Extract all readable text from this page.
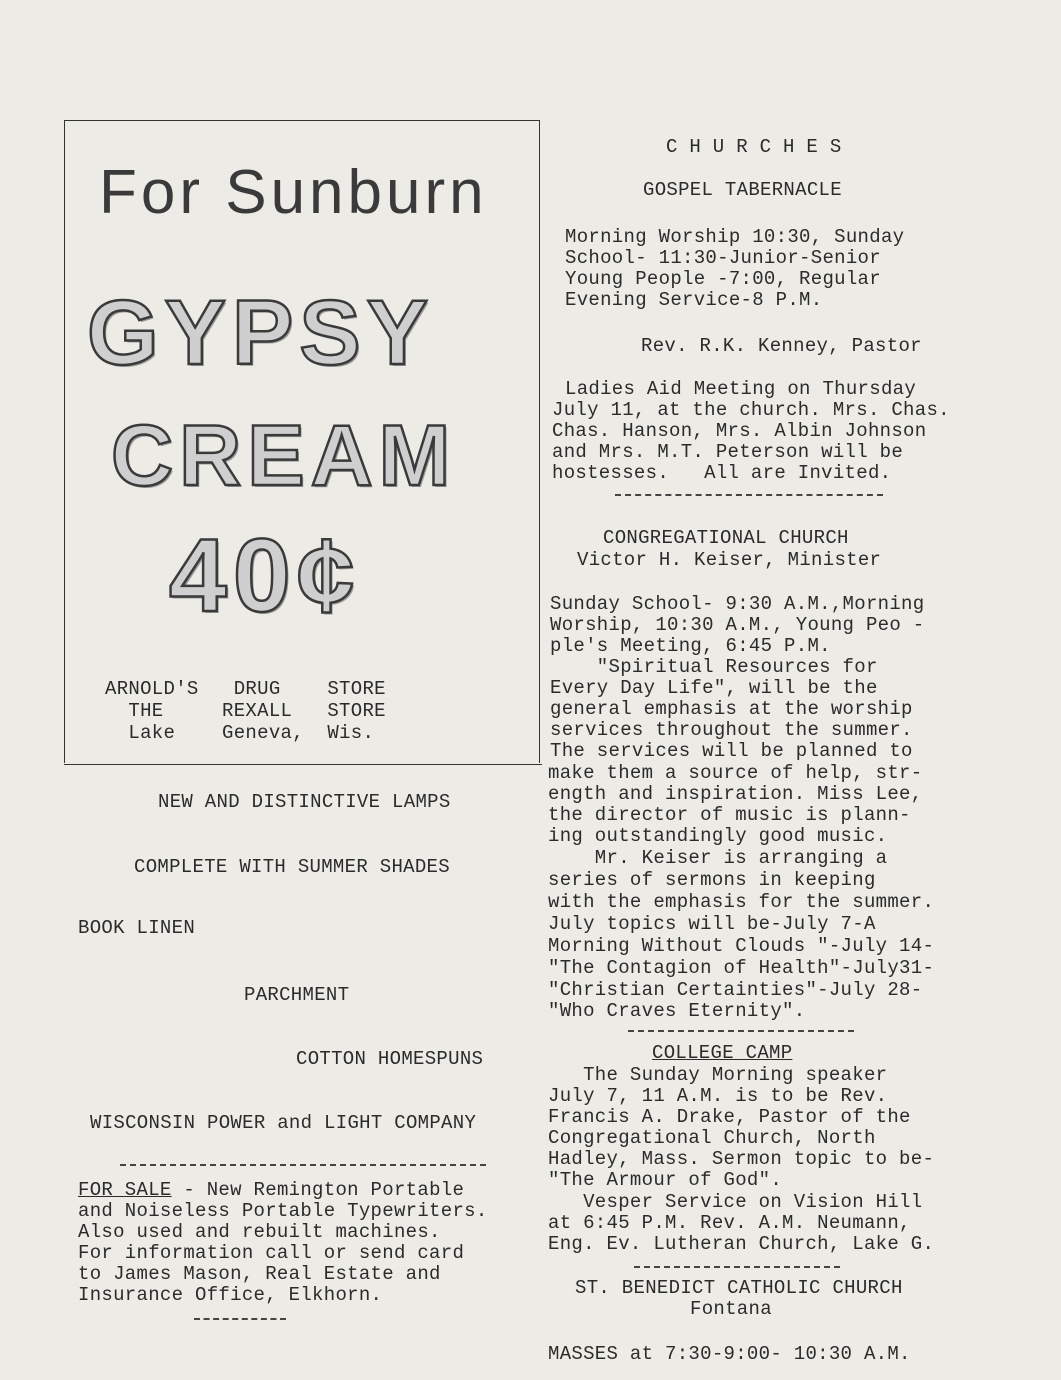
For Sunburn
GYPSY
CREAM
40¢
ARNOLD'S   DRUG    STORE
THE     REXALL   STORE
Lake    Geneva,  Wis.
NEW AND DISTINCTIVE LAMPS
COMPLETE WITH SUMMER SHADES
BOOK LINEN
PARCHMENT
COTTON HOMESPUNS
WISCONSIN POWER and LIGHT COMPANY
FOR SALE - New Remington Portable
and Noiseless Portable Typewriters.
Also used and rebuilt machines.
For information call or send card
to James Mason, Real Estate and
Insurance Office, Elkhorn.
C H U R C H E S
GOSPEL TABERNACLE
Morning Worship 10:30, Sunday
School- 11:30-Junior-Senior
Young People -7:00, Regular
Evening Service-8 P.M.
Rev. R.K. Kenney, Pastor
Ladies Aid Meeting on Thursday
July 11, at the church. Mrs. Chas.
Chas. Hanson, Mrs. Albin Johnson
and Mrs. M.T. Peterson will be
hostesses.   All are Invited.
CONGREGATIONAL CHURCH
Victor H. Keiser, Minister
Sunday School- 9:30 A.M.,Morning
Worship, 10:30 A.M., Young Peo -
ple's Meeting, 6:45 P.M.
"Spiritual Resources for
Every Day Life", will be the
general emphasis at the worship
services throughout the summer.
The services will be planned to
make them a source of help, str-
ength and inspiration. Miss Lee,
the director of music is plann-
ing outstandingly good music.
Mr. Keiser is arranging a
series of sermons in keeping
with the emphasis for the summer.
July topics will be-July 7-A
Morning Without Clouds "-July 14-
"The Contagion of Health"-July31-
"Christian Certainties"-July 28-
"Who Craves Eternity".
COLLEGE CAMP
The Sunday Morning speaker
July 7, 11 A.M. is to be Rev.
Francis A. Drake, Pastor of the
Congregational Church, North
Hadley, Mass. Sermon topic to be-
"The Armour of God".
Vesper Service on Vision Hill
at 6:45 P.M. Rev. A.M. Neumann,
Eng. Ev. Lutheran Church, Lake G.
ST. BENEDICT CATHOLIC CHURCH
Fontana
MASSES at 7:30-9:00- 10:30 A.M.
